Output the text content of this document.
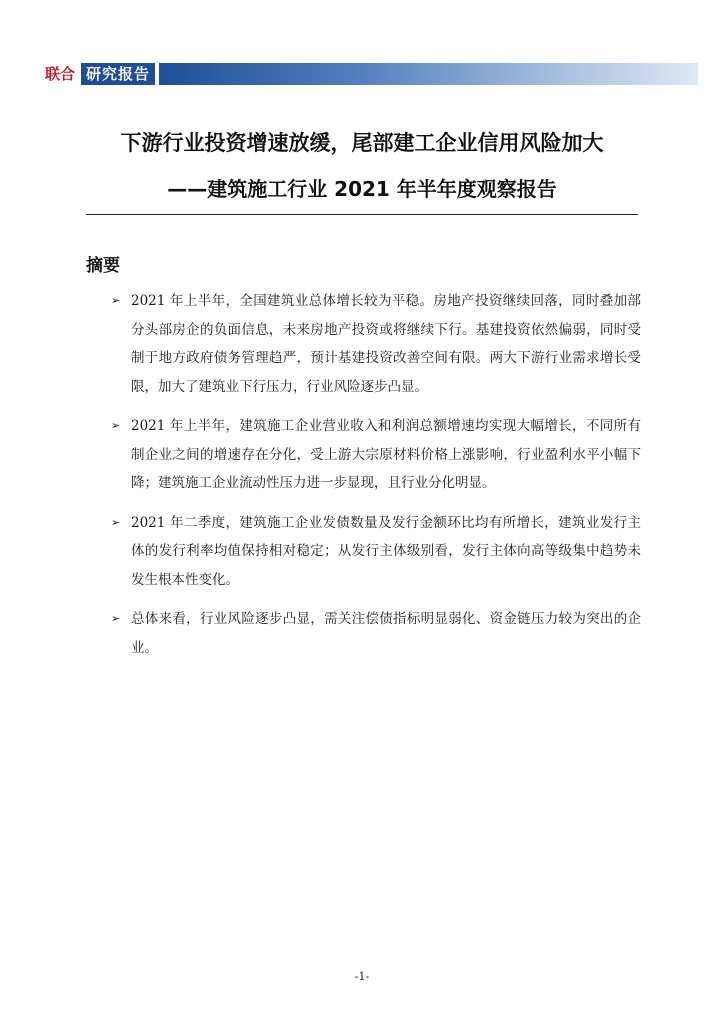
联合 研究报告
下游行业投资增速放缓，尾部建工企业信用风险加大
——建筑施工行业 2021 年半年度观察报告
摘要
➢ 2021 年上半年，全国建筑业总体增长较为平稳。房地产投资继续回落，同时叠加部分头部房企的负面信息，未来房地产投资或将继续下行。基建投资依然偏弱，同时受制于地方政府债务管理趋严，预计基建投资改善空间有限。两大下游行业需求增长受限，加大了建筑业下行压力，行业风险逐步凸显。
➢ 2021 年上半年，建筑施工企业营业收入和利润总额增速均实现大幅增长，不同所有制企业之间的增速存在分化，受上游大宗原材料价格上涨影响，行业盈利水平小幅下降；建筑施工企业流动性压力进一步显现，且行业分化明显。
➢ 2021 年二季度，建筑施工企业发债数量及发行金额环比均有所增长，建筑业发行主体的发行利率均值保持相对稳定；从发行主体级别看，发行主体向高等级集中趋势未发生根本性变化。
➢ 总体来看，行业风险逐步凸显，需关注偿债指标明显弱化、资金链压力较为突出的企业。
-1-
